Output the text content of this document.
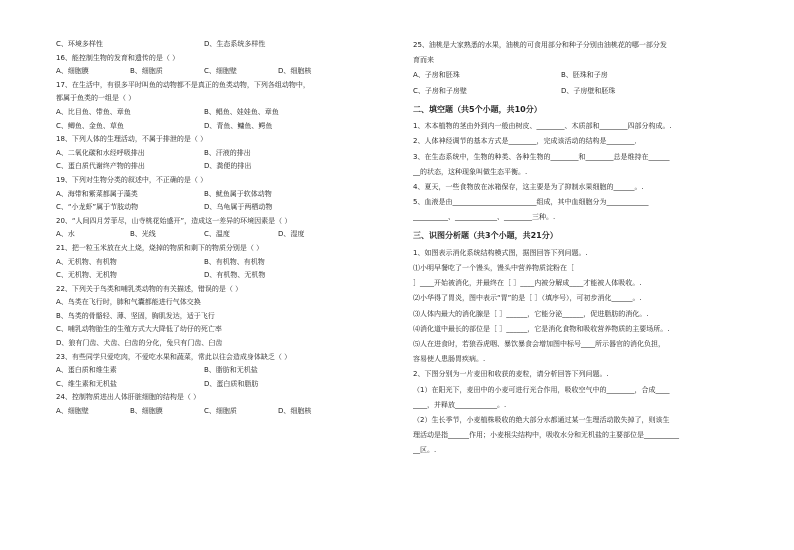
C、环境多样性	D、生态系统多样性
16、能控制生物的发育和遗传的是（ ）
A、细胞膜	B、细胞质	C、细胞壁	D、细胞核
17、在生活中，有很多平时叫鱼的动物都不是真正的鱼类动物，下列各组动物中，
都属于鱼类的一组是（ ）
A、比目鱼、带鱼、章鱼	B、鲳鱼、娃娃鱼、章鱼
C、鲫鱼、金鱼、草鱼	D、青鱼、鳙鱼、鳄鱼
18、下列人体的生理活动，不属于排泄的是（ ）
A、二氧化碳和水经呼吸排出	B、汗液的排出
C、蛋白质代谢终产物的排出	D、粪便的排出
19、下列对生物分类的叙述中，不正确的是（ ）
A、海带和紫菜都属于藻类	B、鱿鱼属于软体动物
C、“小龙虾”属于节肢动物	D、乌龟属于两栖动物
20、“人间四月芳菲尽，山寺桃花始盛开”，造成这一差异的环境因素是（ ）
A、水	B、光线	C、温度	D、湿度
21、把一粒玉米放在火上烧，烧掉的物质和剩下的物质分别是（ ）
A、无机物、有机物	B、有机物、有机物
C、无机物、无机物	D、有机物、无机物
22、下列关于鸟类和哺乳类动物的有关描述，错误的是（ ）
A、鸟类在飞行时，肺和气囊都能进行气体交换
B、鸟类的骨骼轻、薄、坚固，胸肌发达，适于飞行
C、哺乳动物胎生的生殖方式大大降低了幼仔的死亡率
D、狼有门齿、犬齿、臼齿的分化，兔只有门齿、臼齿
23、有些同学只爱吃肉，不爱吃水果和蔬菜，常此以往会造成身体缺乏（ ）
A、蛋白质和维生素	B、脂肪和无机盐
C、维生素和无机盐	D、蛋白质和脂肪
24、控制物质进出人体肝脏细胞的结构是（ ）
A、细胞壁	B、细胞膜	C、细胞质	D、细胞核
25、油桃是大家熟悉的水果，油桃的可食用部分和种子分别由油桃花的哪一部分发
育而来
A、子房和胚珠	B、胚珠和子房
C、子房和子房壁	D、子房壁和胚珠
二、填空题（共5个小题，共10分）
1、木本植物的茎由外到内一般由树皮、________、木质部和________四部分构成。.
2、人体神经调节的基本方式是________，完成该活动的结构是________．
3、在生态系统中，生物的种类、各种生物的________和________总是维持在______
__的状态，这种现象叫做生态平衡。.
4、夏天，一些食物放在冰箱保存，这主要是为了抑制水果细胞的______。.
5、血液是由________________________组成，其中血细胞分为____________
__________、____________、________三种。.
三、识图分析题（共3个小题，共21分）
1、如图表示消化系统结构模式图，据图回答下列问题。.
⑴小明早餐吃了一个馒头，馒头中营养物质淀粉在［
］____开始被消化，并最终在［ ］____内被分解成____才能被人体吸收。.
⑵小华得了胃炎，图中表示“胃”的是［ ］（填序号），可初步消化______。.
⑶人体内最大的消化腺是［ ］______，它能分泌______，促进脂肪的消化。.
⑷消化道中最长的部位是［ ］______，它是消化食物和吸收营养物质的主要场所。.
⑸人在进食时，若狼吞虎咽、暴饮暴食会增加图中标号____所示器官的消化负担，
容易使人患肠胃疾病。.
2、下图分别为一片麦田和收获的麦粒，请分析回答下列问题。.
（1）在阳光下，麦田中的小麦可进行光合作用，吸收空气中的________，合成____
____，并释放____________。.
（2）生长季节，小麦植株吸收的绝大部分水都通过某一生理活动散失掉了，则该生
理活动是指______作用；小麦根尖结构中，吸收水分和无机盐的主要部位是__________
__区。.
